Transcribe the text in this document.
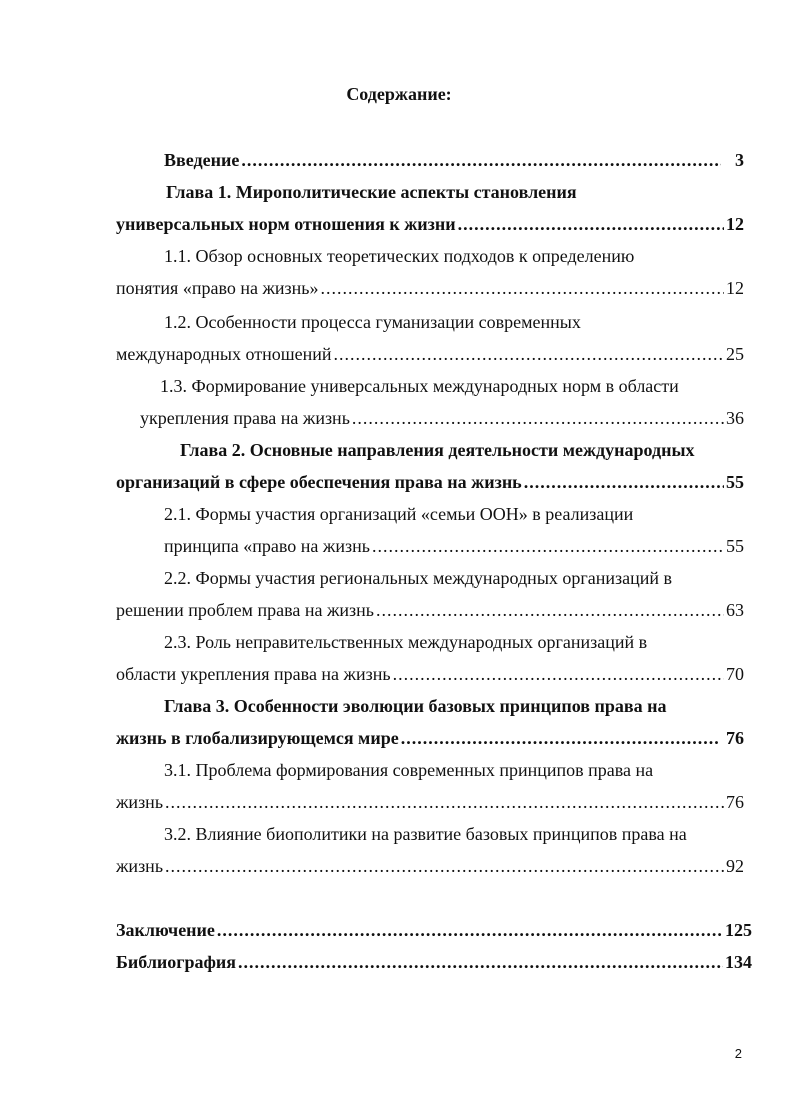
Содержание:
Введение .....	3
Глава 1. Мирополитические аспекты становления
универсальных норм отношения к жизни .....	12
1.1. Обзор основных теоретических подходов к определению
понятия «право на жизнь» .....	12
1.2. Особенности процесса гуманизации современных
международных отношений .....	25
1.3. Формирование универсальных международных норм в области
укрепления права на жизнь .....	36
Глава 2. Основные направления деятельности международных
организаций в сфере обеспечения права на жизнь .....	55
2.1. Формы участия организаций «семьи ООН» в реализации
принципа «право на жизнь .....	55
2.2. Формы участия региональных международных организаций в
решении проблем права на жизнь .....	63
2.3. Роль неправительственных международных организаций в
области укрепления права на жизнь .....	70
Глава 3. Особенности эволюции базовых принципов права на
жизнь в глобализирующемся мире .....	76
3.1. Проблема формирования современных принципов права на
жизнь .....	76
3.2. Влияние биополитики на развитие базовых принципов права на
жизнь .....	92
Заключение .....	125
Библиография .....	134
2
